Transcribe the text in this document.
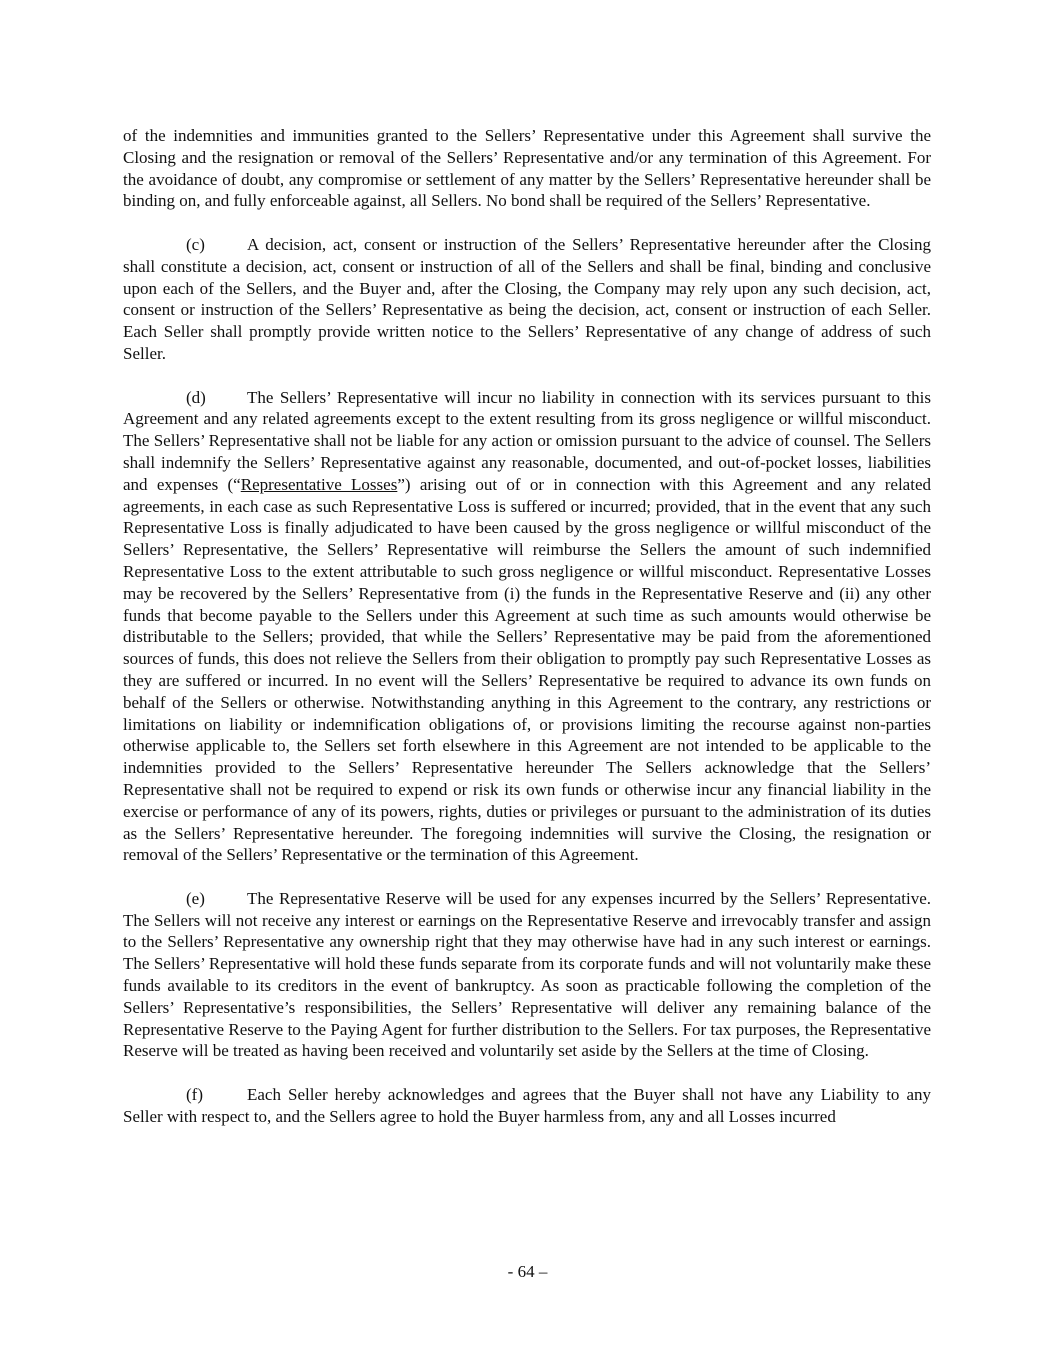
of the indemnities and immunities granted to the Sellers’ Representative under this Agreement shall survive the Closing and the resignation or removal of the Sellers’ Representative and/or any termination of this Agreement. For the avoidance of doubt, any compromise or settlement of any matter by the Sellers’ Representative hereunder shall be binding on, and fully enforceable against, all Sellers. No bond shall be required of the Sellers’ Representative.

(c) A decision, act, consent or instruction of the Sellers’ Representative hereunder after the Closing shall constitute a decision, act, consent or instruction of all of the Sellers and shall be final, binding and conclusive upon each of the Sellers, and the Buyer and, after the Closing, the Company may rely upon any such decision, act, consent or instruction of the Sellers’ Representative as being the decision, act, consent or instruction of each Seller. Each Seller shall promptly provide written notice to the Sellers’ Representative of any change of address of such Seller.

(d) The Sellers’ Representative will incur no liability in connection with its services pursuant to this Agreement and any related agreements except to the extent resulting from its gross negligence or willful misconduct. The Sellers’ Representative shall not be liable for any action or omission pursuant to the advice of counsel. The Sellers shall indemnify the Sellers’ Representative against any reasonable, documented, and out-of-pocket losses, liabilities and expenses (“Representative Losses”) arising out of or in connection with this Agreement and any related agreements, in each case as such Representative Loss is suffered or incurred; provided, that in the event that any such Representative Loss is finally adjudicated to have been caused by the gross negligence or willful misconduct of the Sellers’ Representative, the Sellers’ Representative will reimburse the Sellers the amount of such indemnified Representative Loss to the extent attributable to such gross negligence or willful misconduct. Representative Losses may be recovered by the Sellers’ Representative from (i) the funds in the Representative Reserve and (ii) any other funds that become payable to the Sellers under this Agreement at such time as such amounts would otherwise be distributable to the Sellers; provided, that while the Sellers’ Representative may be paid from the aforementioned sources of funds, this does not relieve the Sellers from their obligation to promptly pay such Representative Losses as they are suffered or incurred. In no event will the Sellers’ Representative be required to advance its own funds on behalf of the Sellers or otherwise. Notwithstanding anything in this Agreement to the contrary, any restrictions or limitations on liability or indemnification obligations of, or provisions limiting the recourse against non-parties otherwise applicable to, the Sellers set forth elsewhere in this Agreement are not intended to be applicable to the indemnities provided to the Sellers’ Representative hereunder The Sellers acknowledge that the Sellers’ Representative shall not be required to expend or risk its own funds or otherwise incur any financial liability in the exercise or performance of any of its powers, rights, duties or privileges or pursuant to the administration of its duties as the Sellers’ Representative hereunder. The foregoing indemnities will survive the Closing, the resignation or removal of the Sellers’ Representative or the termination of this Agreement.

(e) The Representative Reserve will be used for any expenses incurred by the Sellers’ Representative. The Sellers will not receive any interest or earnings on the Representative Reserve and irrevocably transfer and assign to the Sellers’ Representative any ownership right that they may otherwise have had in any such interest or earnings. The Sellers’ Representative will hold these funds separate from its corporate funds and will not voluntarily make these funds available to its creditors in the event of bankruptcy. As soon as practicable following the completion of the Sellers’ Representative’s responsibilities, the Sellers’ Representative will deliver any remaining balance of the Representative Reserve to the Paying Agent for further distribution to the Sellers. For tax purposes, the Representative Reserve will be treated as having been received and voluntarily set aside by the Sellers at the time of Closing.

(f)	Each Seller hereby acknowledges and agrees that the Buyer shall not have any Liability to any Seller with respect to, and the Sellers agree to hold the Buyer harmless from, any and all Losses incurred

- 64 –
